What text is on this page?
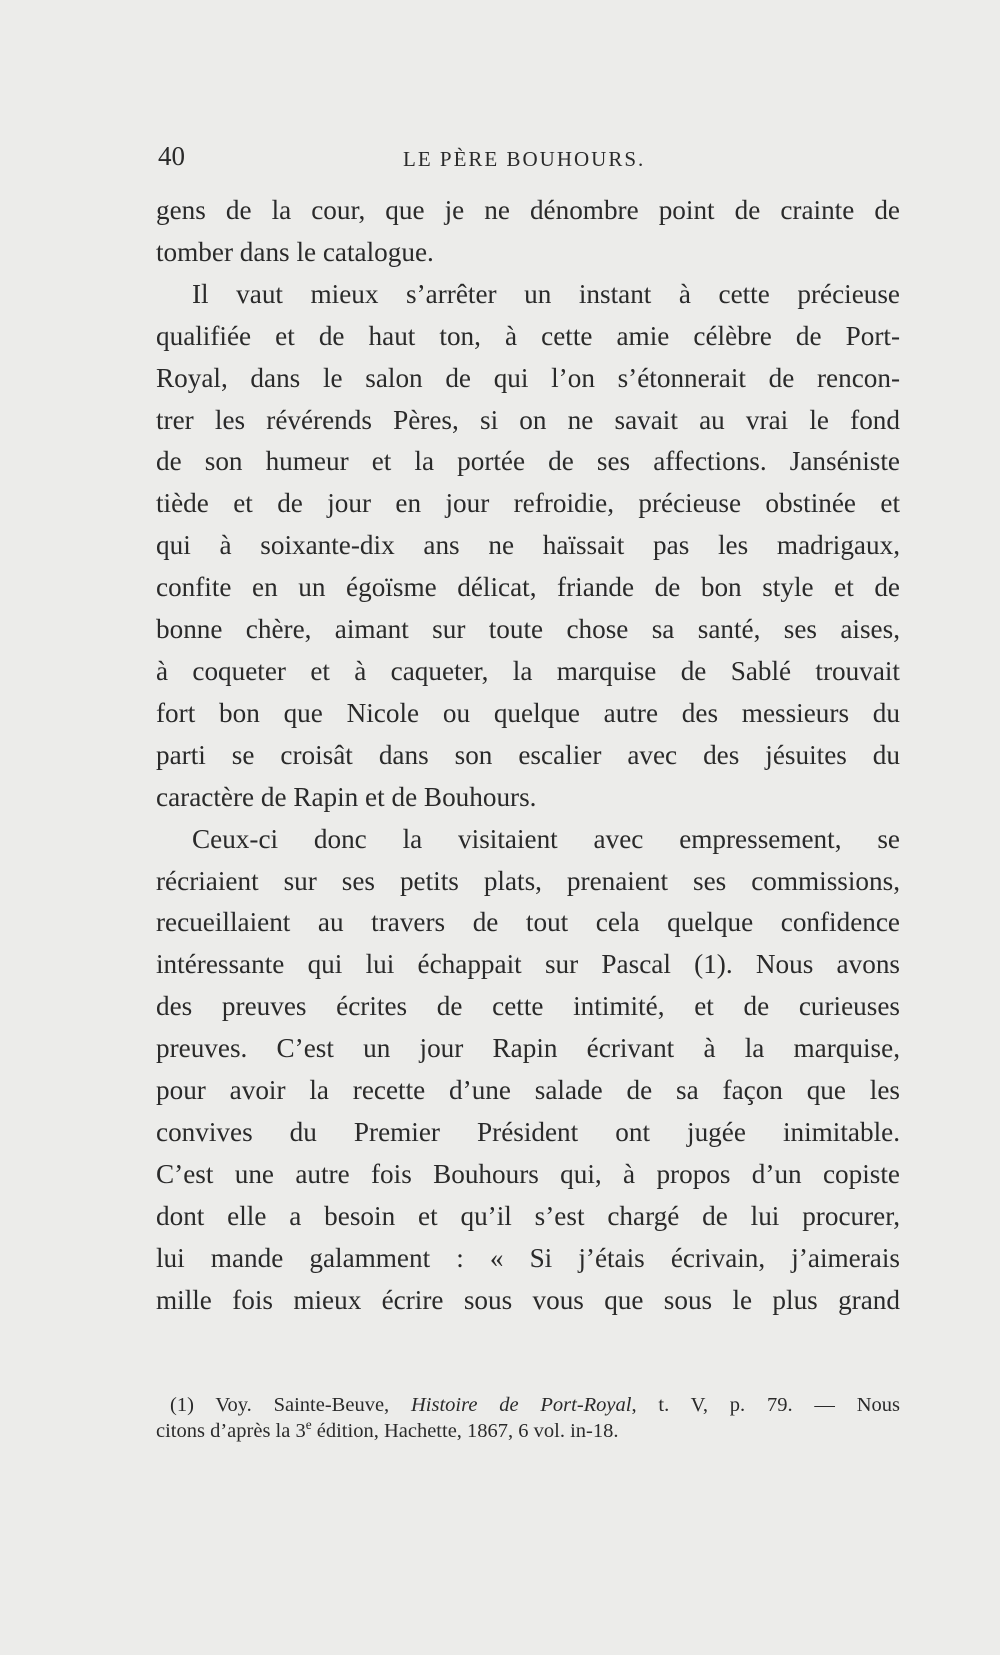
40	LE PÈRE BOUHOURS.
gens de la cour, que je ne dénombre point de crainte de
tomber dans le catalogue.
Il vaut mieux s’arrêter un instant à cette précieuse
qualifiée et de haut ton, à cette amie célèbre de Port-
Royal, dans le salon de qui l’on s’étonnerait de rencon-
trer les révérends Pères, si on ne savait au vrai le fond
de son humeur et la portée de ses affections. Janséniste
tiède et de jour en jour refroidie, précieuse obstinée et
qui à soixante-dix ans ne haïssait pas les madrigaux,
confite en un égoïsme délicat, friande de bon style et de
bonne chère, aimant sur toute chose sa santé, ses aises,
à coqueter et à caqueter, la marquise de Sablé trouvait
fort bon que Nicole ou quelque autre des messieurs du
parti se croisât dans son escalier avec des jésuites du
caractère de Rapin et de Bouhours.
Ceux-ci donc la visitaient avec empressement, se
récriaient sur ses petits plats, prenaient ses commissions,
recueillaient au travers de tout cela quelque confidence
intéressante qui lui échappait sur Pascal (1). Nous avons
des preuves écrites de cette intimité, et de curieuses
preuves. C’est un jour Rapin écrivant à la marquise,
pour avoir la recette d’une salade de sa façon que les
convives du Premier Président ont jugée inimitable.
C’est une autre fois Bouhours qui, à propos d’un copiste
dont elle a besoin et qu’il s’est chargé de lui procurer,
lui mande galamment : « Si j’étais écrivain, j’aimerais
mille fois mieux écrire sous vous que sous le plus grand
(1) Voy. Sainte-Beuve, Histoire de Port-Royal, t. V, p. 79. — Nous
citons d’après la 3e édition, Hachette, 1867, 6 vol. in-18.
